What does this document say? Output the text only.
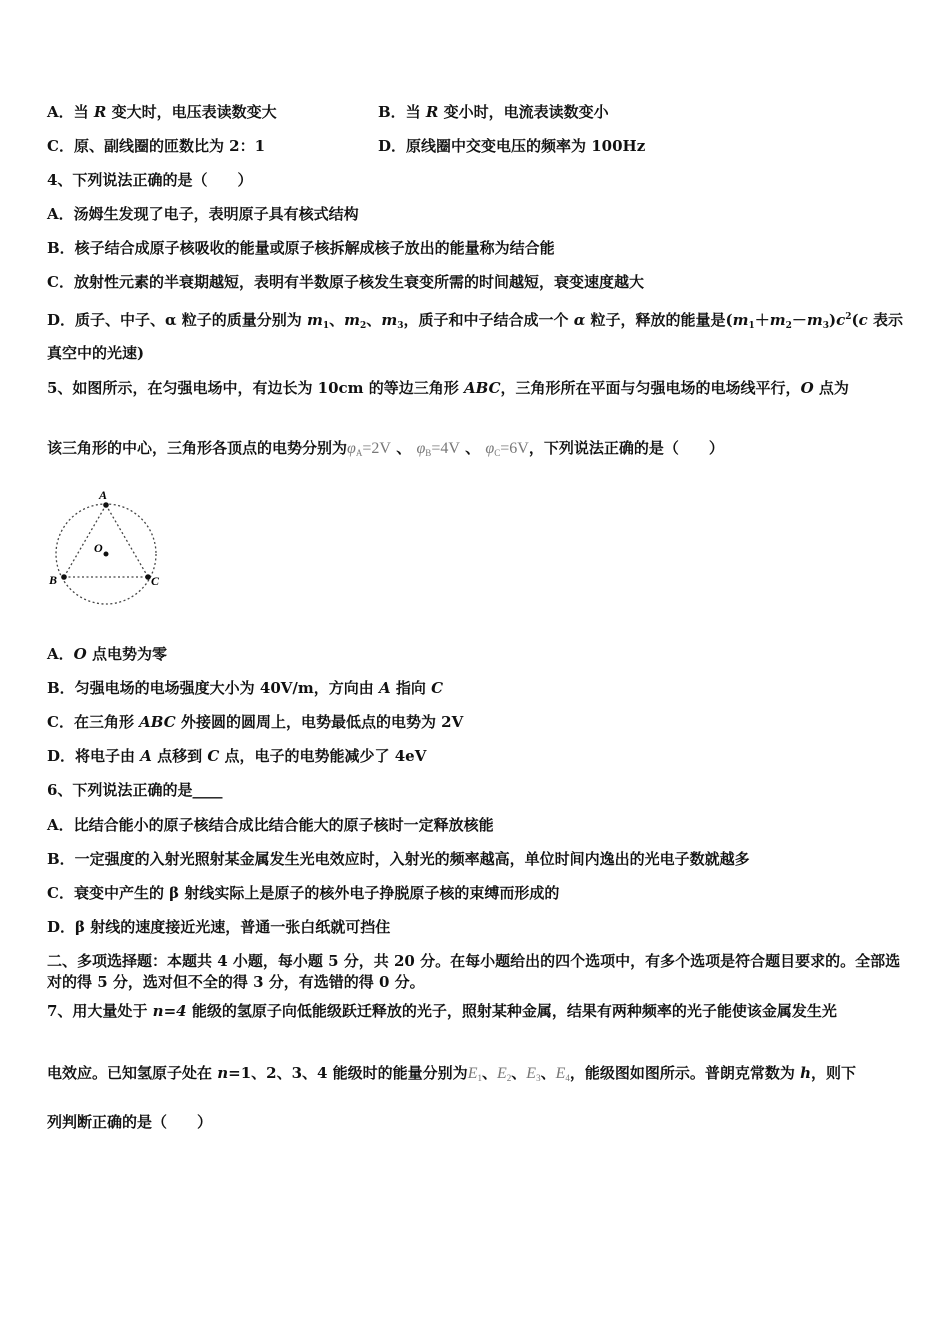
A．当 R 变大时，电压表读数变大	B．当 R 变小时，电流表读数变小
C．原、副线圈的匝数比为 2：1	D．原线圈中交变电压的频率为 100Hz
4、下列说法正确的是（　　）
A．汤姆生发现了电子，表明原子具有核式结构
B．核子结合成原子核吸收的能量或原子核拆解成核子放出的能量称为结合能
C．放射性元素的半衰期越短，表明有半数原子核发生衰变所需的时间越短，衰变速度越大
D．质子、中子、α 粒子的质量分别为 $m_1$、$m_2$、$m_3$，质子和中子结合成一个 α 粒子，释放的能量是$(m_1+m_2-m_3)c^2(c$ 表示
真空中的光速)
5、如图所示，在匀强电场中，有边长为 10cm 的等边三角形 ABC，三角形所在平面与匀强电场的电场线平行，O 点为
该三角形的中心，三角形各顶点的电势分别为$\varphi_A=2V$ 、 $\varphi_B=4V$ 、 $\varphi_C=6V$，下列说法正确的是（　　）
A
B	C
O
A．O 点电势为零
B．匀强电场的电场强度大小为 40V/m，方向由 A 指向 C
C．在三角形 ABC 外接圆的圆周上，电势最低点的电势为 2V
D．将电子由 A 点移到 C 点，电子的电势能减少了 4eV
6、下列说法正确的是____
A．比结合能小的原子核结合成比结合能大的原子核时一定释放核能
B．一定强度的入射光照射某金属发生光电效应时，入射光的频率越高，单位时间内逸出的光电子数就越多
C．衰变中产生的 β 射线实际上是原子的核外电子挣脱原子核的束缚而形成的
D．β 射线的速度接近光速，普通一张白纸就可挡住
二、多项选择题：本题共 4 小题，每小题 5 分，共 20 分。在每小题给出的四个选项中，有多个选项是符合题目要求的。全部选对的得 5 分，选对但不全的得 3 分，有选错的得 0 分。
7、用大量处于 n=4 能级的氢原子向低能级跃迁释放的光子，照射某种金属，结果有两种频率的光子能使该金属发生光
电效应。已知氢原子处在 n=1、2、3、4 能级时的能量分别为$E_1$、$E_2$、$E_3$、$E_4$，能级图如图所示。普朗克常数为 h，则下
列判断正确的是（　　）
